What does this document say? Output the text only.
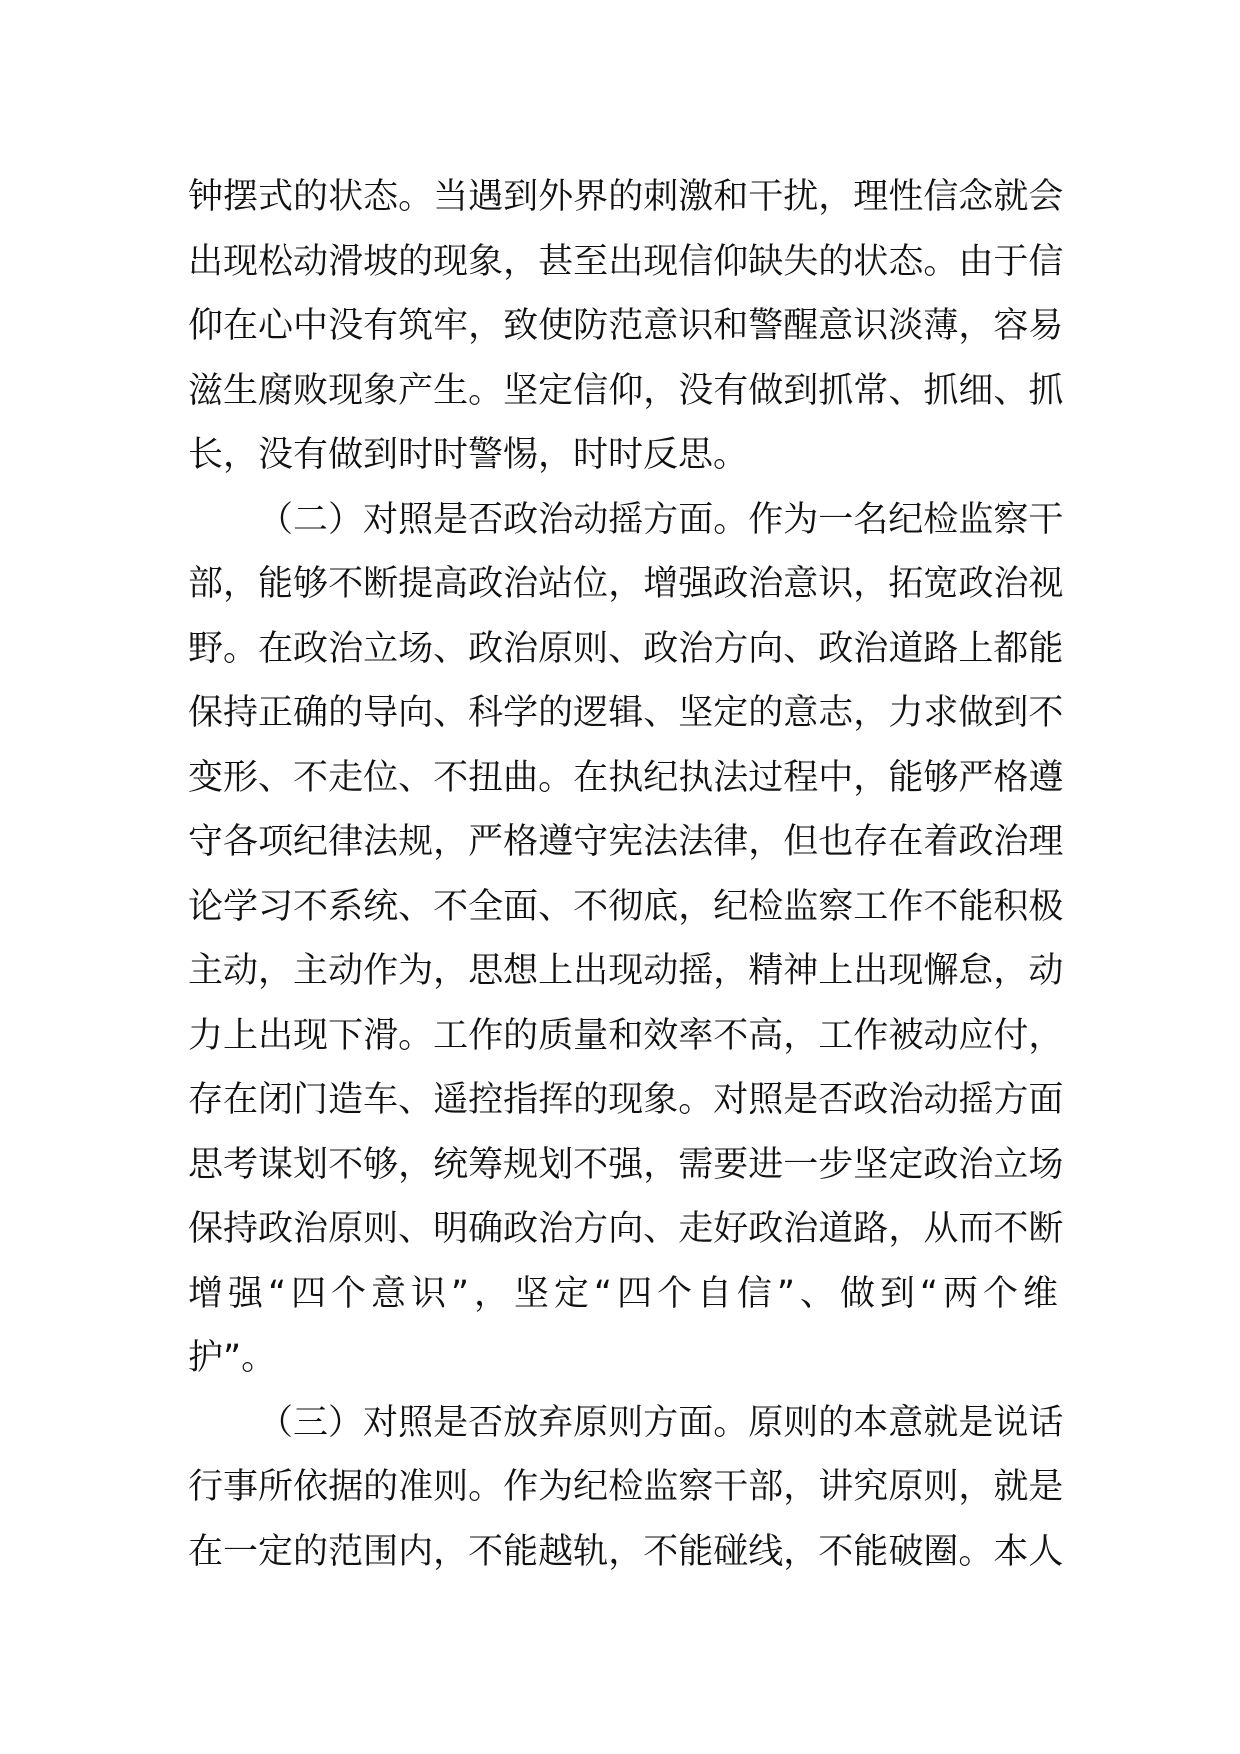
钟 摆 式 的 状 态 。 当 遇 到 外 界 的 刺 激 和 干 扰 ， 理 性 信 念 就 会
出 现 松 动 滑 坡 的 现 象 ， 甚 至 出 现 信 仰 缺 失 的 状 态 。 由 于 信
仰 在 心 中 没 有 筑 牢 ， 致 使 防 范 意 识 和 警 醒 意 识 淡 薄 ， 容 易
滋 生 腐 败 现 象 产 生 。 坚 定 信 仰 ， 没 有 做 到 抓 常 、 抓 细 、 抓
长，没有做到时时警惕，时时反思。
（ 二 ） 对 照 是 否 政 治 动 摇 方 面 。 作 为 一 名 纪 检 监 察 干
部 ， 能 够 不 断 提 高 政 治 站 位 ， 增 强 政 治 意 识 ， 拓 宽 政 治 视
野 。 在 政 治 立 场 、 政 治 原 则 、 政 治 方 向 、 政 治 道 路 上 都 能
保 持 正 确 的 导 向 、 科 学 的 逻 辑 、 坚 定 的 意 志 ， 力 求 做 到 不
变 形 、 不 走 位 、 不 扭 曲 。 在 执 纪 执 法 过 程 中 ， 能 够 严 格 遵
守 各 项 纪 律 法 规 ， 严 格 遵 守 宪 法 法 律 ， 但 也 存 在 着 政 治 理
论 学 习 不 系 统 、 不 全 面 、 不 彻 底 ， 纪 检 监 察 工 作 不 能 积 极
主 动 ， 主 动 作 为 ， 思 想 上 出 现 动 摇 ， 精 神 上 出 现 懈 怠 ， 动
力 上 出 现 下 滑 。 工 作 的 质 量 和 效 率 不 高 ， 工 作 被 动 应 付 ，
存 在 闭 门 造 车 、 遥 控 指 挥 的 现 象 。 对 照 是 否 政 治 动 摇 方 面
思 考 谋 划 不 够 ， 统 筹 规 划 不 强 ， 需 要 进 一 步 坚 定 政 治 立 场
保 持 政 治 原 则 、 明 确 政 治 方 向 、 走 好 政 治 道 路 ， 从 而 不 断
增 强 “ 四 个 意 识 ” ， 坚 定 “ 四 个 自 信 ” 、 做 到 “ 两 个 维
护”。
（ 三 ） 对 照 是 否 放 弃 原 则 方 面 。 原 则 的 本 意 就 是 说 话
行 事 所 依 据 的 准 则 。 作 为 纪 检 监 察 干 部 ， 讲 究 原 则 ， 就 是
在 一 定 的 范 围 内 ， 不 能 越 轨 ， 不 能 碰 线 ， 不 能 破 圈 。 本 人
